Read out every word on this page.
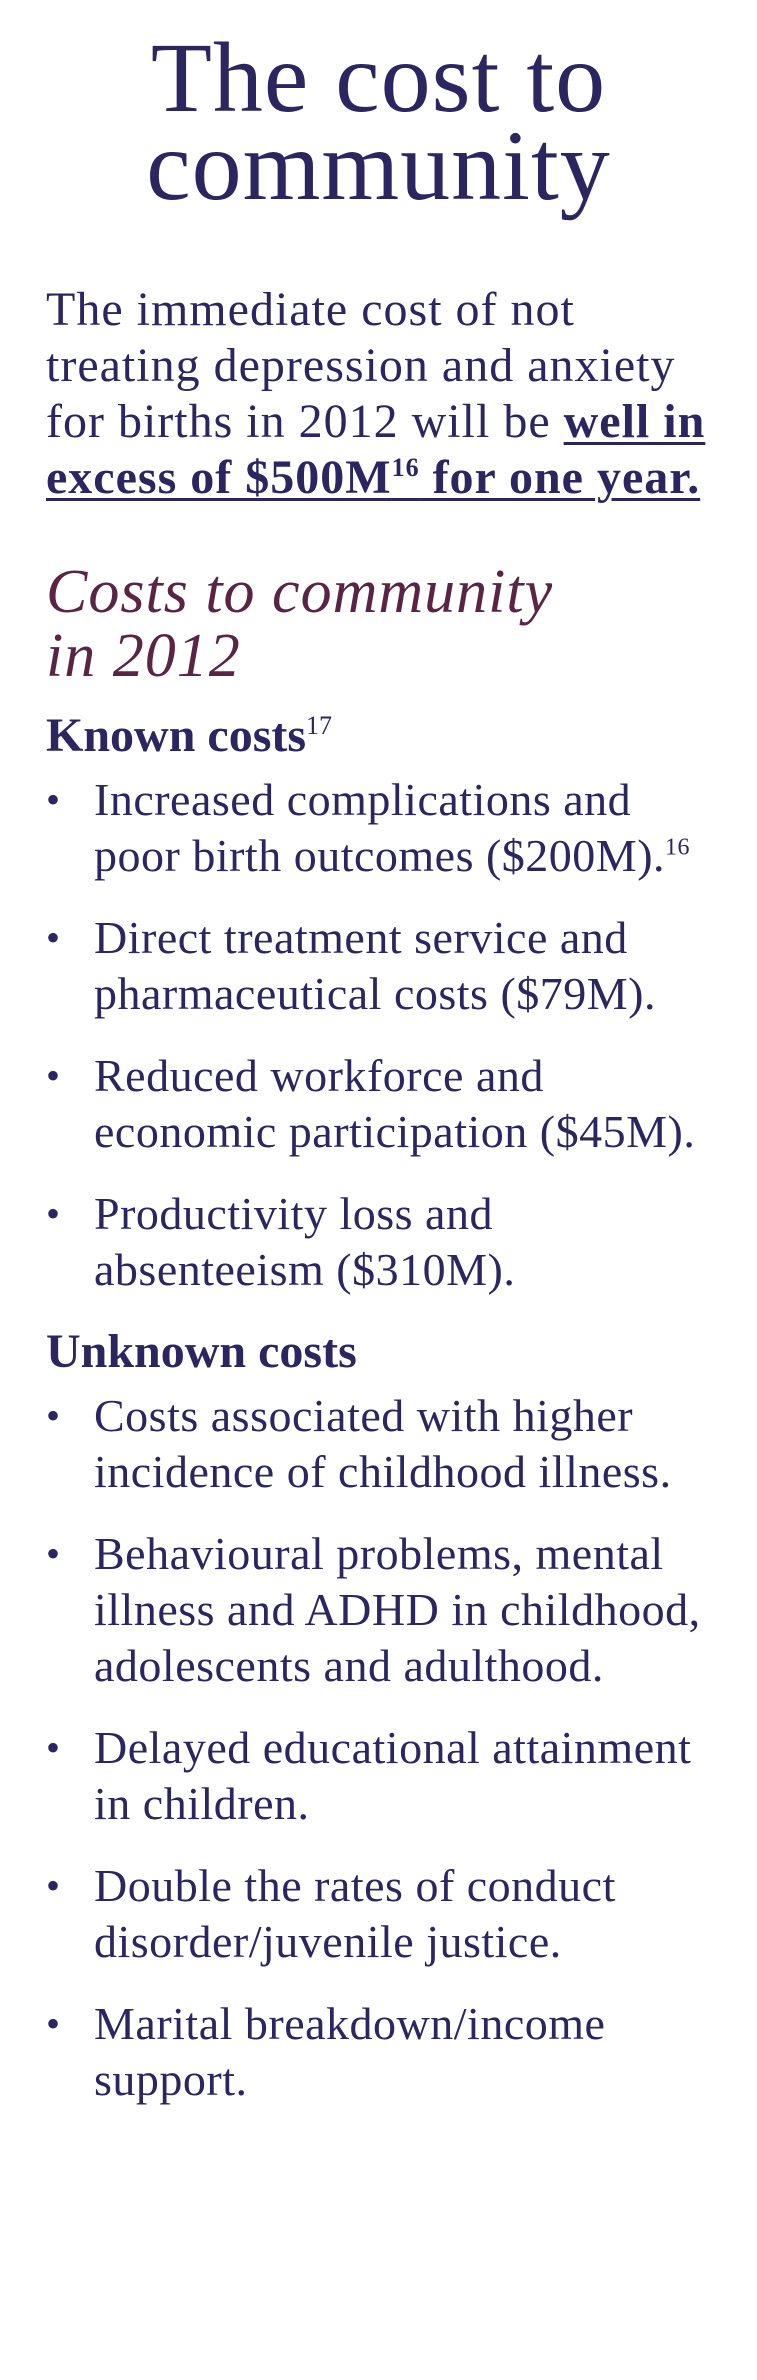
The cost to
community

The immediate cost of not treating depression and anxiety for births in 2012 will be well in excess of $\$500M^{16}$ for one year.

Costs to community
in 2012
Known costs$^{17}$
• Increased complications and poor birth outcomes ($200M).$^{16}$
• Direct treatment service and pharmaceutical costs ($79M).
• Reduced workforce and economic participation ($45M).
• Productivity loss and absenteeism ($310M).
Unknown costs
• Costs associated with higher incidence of childhood illness.
• Behavioural problems, mental illness and ADHD in childhood, adolescents and adulthood.
• Delayed educational attainment in children.
• Double the rates of conduct disorder/juvenile justice.
• Marital breakdown/income support.
